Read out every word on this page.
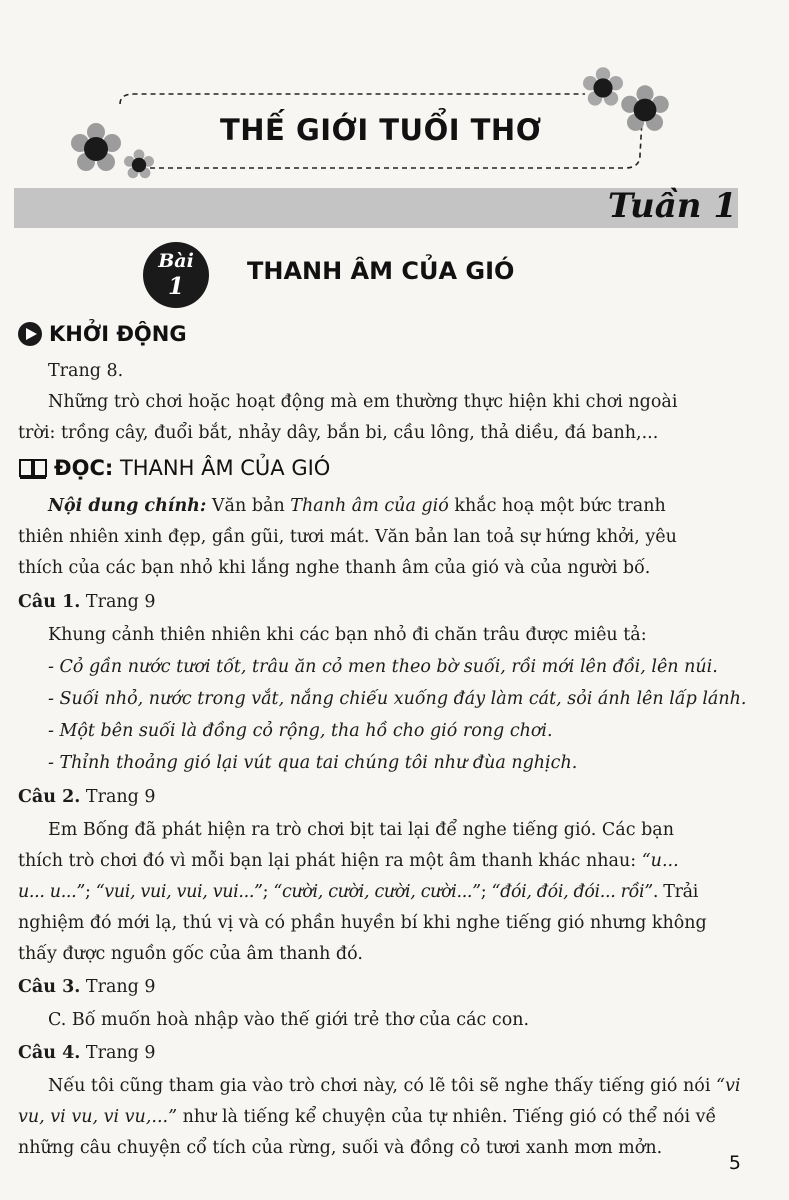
THẾ GIỚI TUỔI THƠ
Tuần 1
Bài
1
THANH ÂM CỦA GIÓ
KHỞI ĐỘNG
Trang 8.
Những trò chơi hoặc hoạt động mà em thường thực hiện khi chơi ngoài
trời: trồng cây, đuổi bắt, nhảy dây, bắn bi, cầu lông, thả diều, đá banh,...
ĐỌC: THANH ÂM CỦA GIÓ
Nội dung chính: Văn bản Thanh âm của gió khắc hoạ một bức tranh
thiên nhiên xinh đẹp, gần gũi, tươi mát. Văn bản lan toả sự hứng khởi, yêu
thích của các bạn nhỏ khi lắng nghe thanh âm của gió và của người bố.
Câu 1. Trang 9
Khung cảnh thiên nhiên khi các bạn nhỏ đi chăn trâu được miêu tả:
- Cỏ gần nước tươi tốt, trâu ăn cỏ men theo bờ suối, rồi mới lên đồi, lên núi.
- Suối nhỏ, nước trong vắt, nắng chiếu xuống đáy làm cát, sỏi ánh lên lấp lánh.
- Một bên suối là đồng cỏ rộng, tha hồ cho gió rong chơi.
- Thỉnh thoảng gió lại vút qua tai chúng tôi như đùa nghịch.
Câu 2. Trang 9
Em Bống đã phát hiện ra trò chơi bịt tai lại để nghe tiếng gió. Các bạn
thích trò chơi đó vì mỗi bạn lại phát hiện ra một âm thanh khác nhau: “u...
u... u...”; “vui, vui, vui, vui...”; “cười, cười, cười, cười...”; “đói, đói, đói... rồi”. Trải
nghiệm đó mới lạ, thú vị và có phần huyền bí khi nghe tiếng gió nhưng không
thấy được nguồn gốc của âm thanh đó.
Câu 3. Trang 9
C. Bố muốn hoà nhập vào thế giới trẻ thơ của các con.
Câu 4. Trang 9
Nếu tôi cũng tham gia vào trò chơi này, có lẽ tôi sẽ nghe thấy tiếng gió nói “vi
vu, vi vu, vi vu,...” như là tiếng kể chuyện của tự nhiên. Tiếng gió có thể nói về
những câu chuyện cổ tích của rừng, suối và đồng cỏ tươi xanh mơn mởn.
5
